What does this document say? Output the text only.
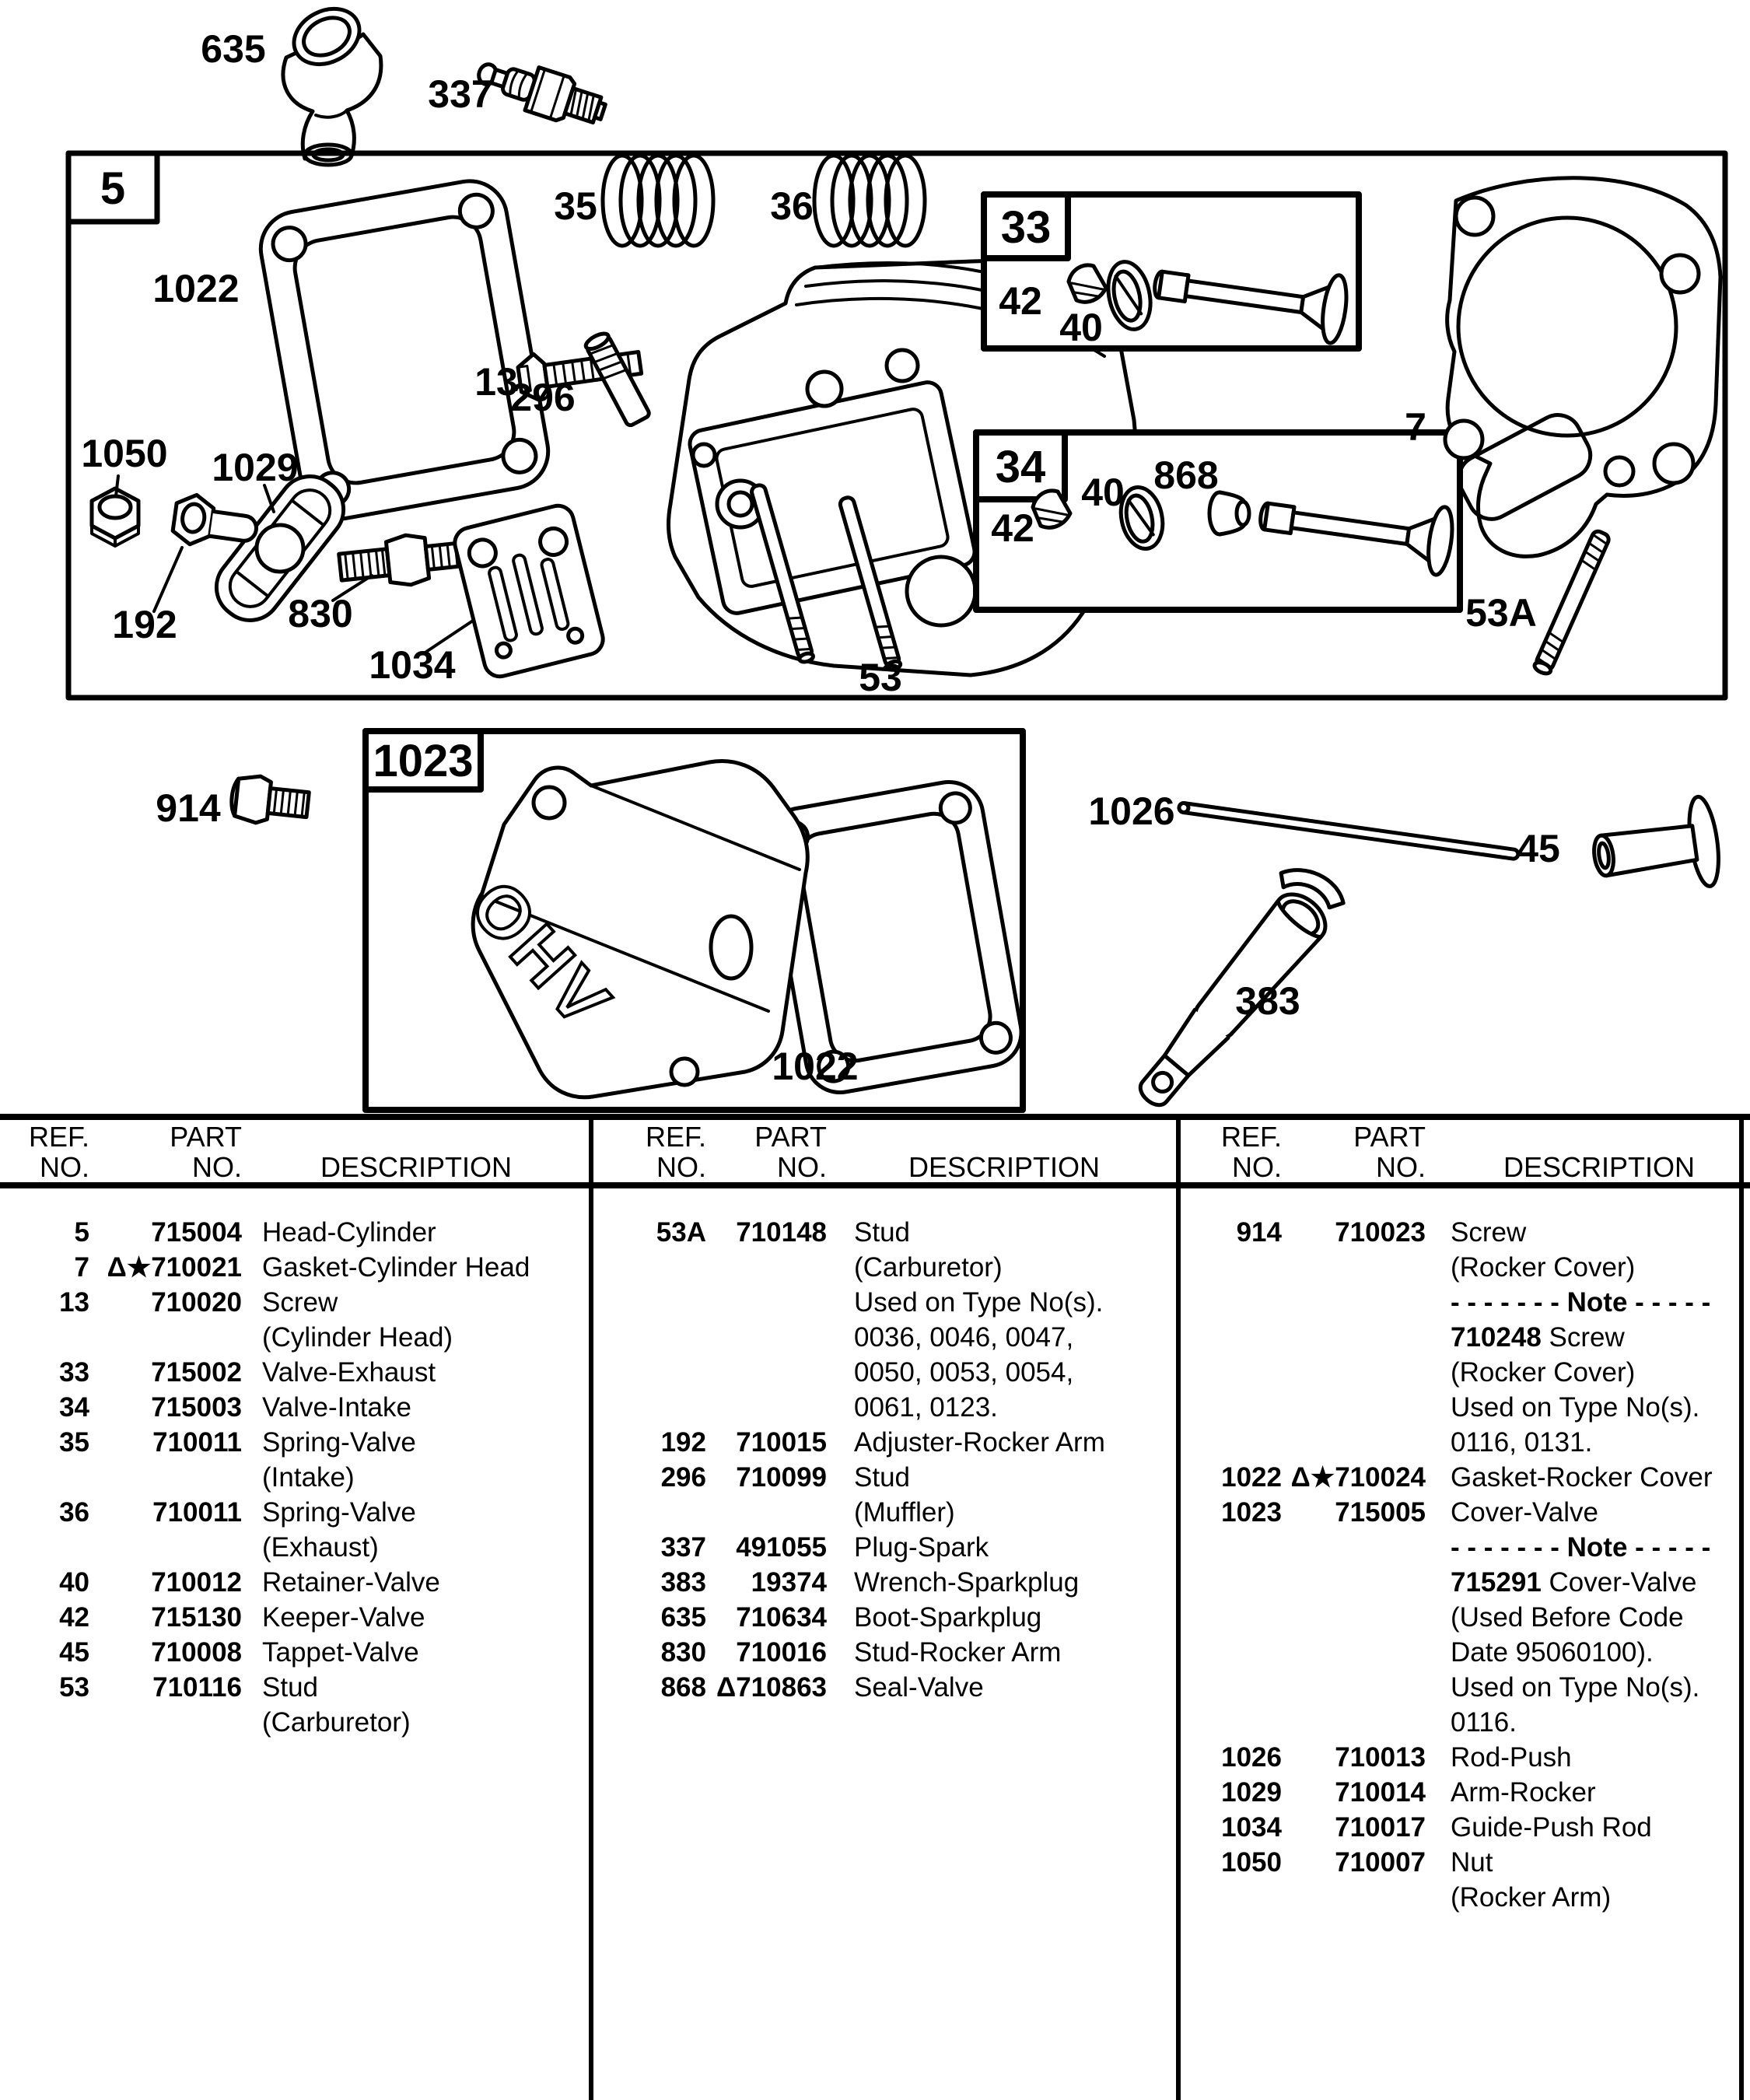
635
337
5
1022
35	36
13
296
33
42
40
7
34
42
40 868
1050 1029
192	830
1034	53
53A
1023
914
1022
1026
45
383
OHV
REF.	PART
NO.	NO.	DESCRIPTION
5	715004 Head-Cylinder
7 Δ★710021 Gasket-Cylinder Head
13	710020 Screw
(Cylinder Head)
33	715002 Valve-Exhaust
34	715003 Valve-Intake
35	710011 Spring-Valve
(Intake)
36	710011 Spring-Valve
(Exhaust)
40	710012 Retainer-Valve
42	715130 Keeper-Valve
45	710008 Tappet-Valve
53	710116 Stud
(Carburetor)
REF.	PART
NO.	NO.	DESCRIPTION
53A	710148 Stud
(Carburetor)
Used on Type No(s).
0036, 0046, 0047,
0050, 0053, 0054,
0061, 0123.
192	710015 Adjuster-Rocker Arm
296	710099 Stud
(Muffler)
337	491055 Plug-Spark
383	19374 Wrench-Sparkplug
635	710634 Boot-Sparkplug
830	710016 Stud-Rocker Arm
868 Δ710863 Seal-Valve
REF.	PART
NO.	NO.	DESCRIPTION
914	710023 Screw
(Rocker Cover)
- - - - - - - Note - - - - -
710248 Screw
(Rocker Cover)
Used on Type No(s).
0116, 0131.
1022 Δ★710024 Gasket-Rocker Cover
1023	715005 Cover-Valve
- - - - - - - Note - - - - -
715291 Cover-Valve
(Used Before Code
Date 95060100).
Used on Type No(s).
0116.
1026	710013 Rod-Push
1029	710014 Arm-Rocker
1034	710017 Guide-Push Rod
1050	710007 Nut
(Rocker Arm)
